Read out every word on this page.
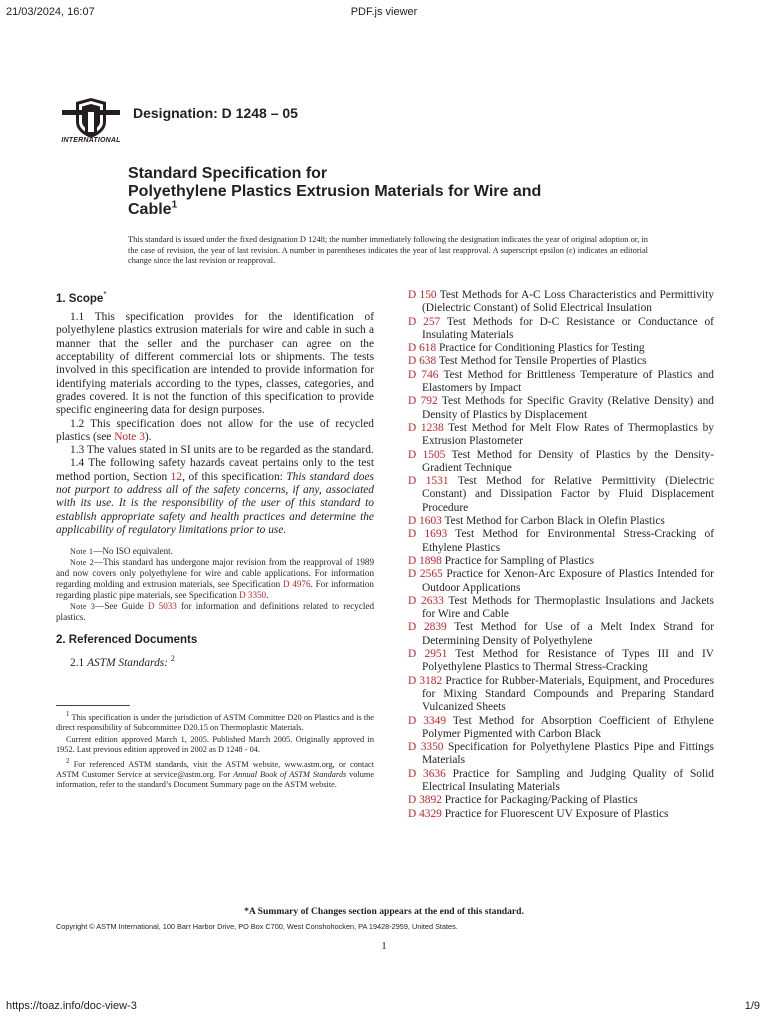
21/03/2024, 16:07	PDF.js viewer
INTERNATIONAL
Designation: D 1248 – 05
Standard Specification for
Polyethylene Plastics Extrusion Materials for Wire and
Cable$^1$
This standard is issued under the fixed designation D 1248; the number immediately following the designation indicates the year of original adoption or, in the case of revision, the year of last revision. A number in parentheses indicates the year of last reapproval. A superscript epsilon (ε) indicates an editorial change since the last revision or reapproval.
1. Scope*

1.1 This specification provides for the identification of polyethylene plastics extrusion materials for wire and cable in such a manner that the seller and the purchaser can agree on the acceptability of different commercial lots or shipments. The tests involved in this specification are intended to provide information for identifying materials according to the types, classes, categories, and grades covered. It is not the function of this specification to provide specific engineering data for design purposes.

1.2 This specification does not allow for the use of recycled plastics (see Note 3).

1.3 The values stated in SI units are to be regarded as the standard.

1.4 The following safety hazards caveat pertains only to the test method portion, Section 12, of this specification: This standard does not purport to address all of the safety concerns, if any, associated with its use. It is the responsibility of the user of this standard to establish appropriate safety and health practices and determine the applicability of regulatory limitations prior to use.

Note 1—No ISO equivalent.

Note 2—This standard has undergone major revision from the reapproval of 1989 and now covers only polyethylene for wire and cable applications. For information regarding molding and extrusion materials, see Specification D 4976. For information regarding plastic pipe materials, see Specification D 3350.

Note 3—See Guide D 5033 for information and definitions related to recycled plastics.

2. Referenced Documents

2.1 ASTM Standards: $^2$

$^1$ This specification is under the jurisdiction of ASTM Committee D20 on Plastics and is the direct responsibility of Subcommittee D20.15 on Thermoplastic Materials.

Current edition approved March 1, 2005. Published March 2005. Originally approved in 1952. Last previous edition approved in 2002 as D 1248 - 04.

$^2$ For referenced ASTM standards, visit the ASTM website, www.astm.org, or contact ASTM Customer Service at service@astm.org. For Annual Book of ASTM Standards volume information, refer to the standard’s Document Summary page on the ASTM website.

D 150 Test Methods for A-C Loss Characteristics and Permittivity (Dielectric Constant) of Solid Electrical Insulation

D 257 Test Methods for D-C Resistance or Conductance of Insulating Materials

D 618 Practice for Conditioning Plastics for Testing

D 638 Test Method for Tensile Properties of Plastics

D 746 Test Method for Brittleness Temperature of Plastics and Elastomers by Impact

D 792 Test Methods for Specific Gravity (Relative Density) and Density of Plastics by Displacement

D 1238 Test Method for Melt Flow Rates of Thermoplastics by Extrusion Plastometer

D 1505 Test Method for Density of Plastics by the Density-Gradient Technique

D 1531 Test Method for Relative Permittivity (Dielectric Constant) and Dissipation Factor by Fluid Displacement Procedure

D 1603 Test Method for Carbon Black in Olefin Plastics

D 1693 Test Method for Environmental Stress-Cracking of Ethylene Plastics

D 1898 Practice for Sampling of Plastics

D 2565 Practice for Xenon-Arc Exposure of Plastics Intended for Outdoor Applications

D 2633 Test Methods for Thermoplastic Insulations and Jackets for Wire and Cable

D 2839 Test Method for Use of a Melt Index Strand for Determining Density of Polyethylene

D 2951 Test Method for Resistance of Types III and IV Polyethylene Plastics to Thermal Stress-Cracking

D 3182 Practice for Rubber-Materials, Equipment, and Procedures for Mixing Standard Compounds and Preparing Standard Vulcanized Sheets

D 3349 Test Method for Absorption Coefficient of Ethylene Polymer Pigmented with Carbon Black

D 3350 Specification for Polyethylene Plastics Pipe and Fittings Materials

D 3636 Practice for Sampling and Judging Quality of Solid Electrical Insulating Materials

D 3892 Practice for Packaging/Packing of Plastics

D 4329 Practice for Fluorescent UV Exposure of Plastics

*A Summary of Changes section appears at the end of this standard.
Copyright © ASTM International, 100 Barr Harbor Drive, PO Box C700, West Conshohocken, PA 19428-2959, United States.
1
https://toaz.info/doc-view-3	1/9
